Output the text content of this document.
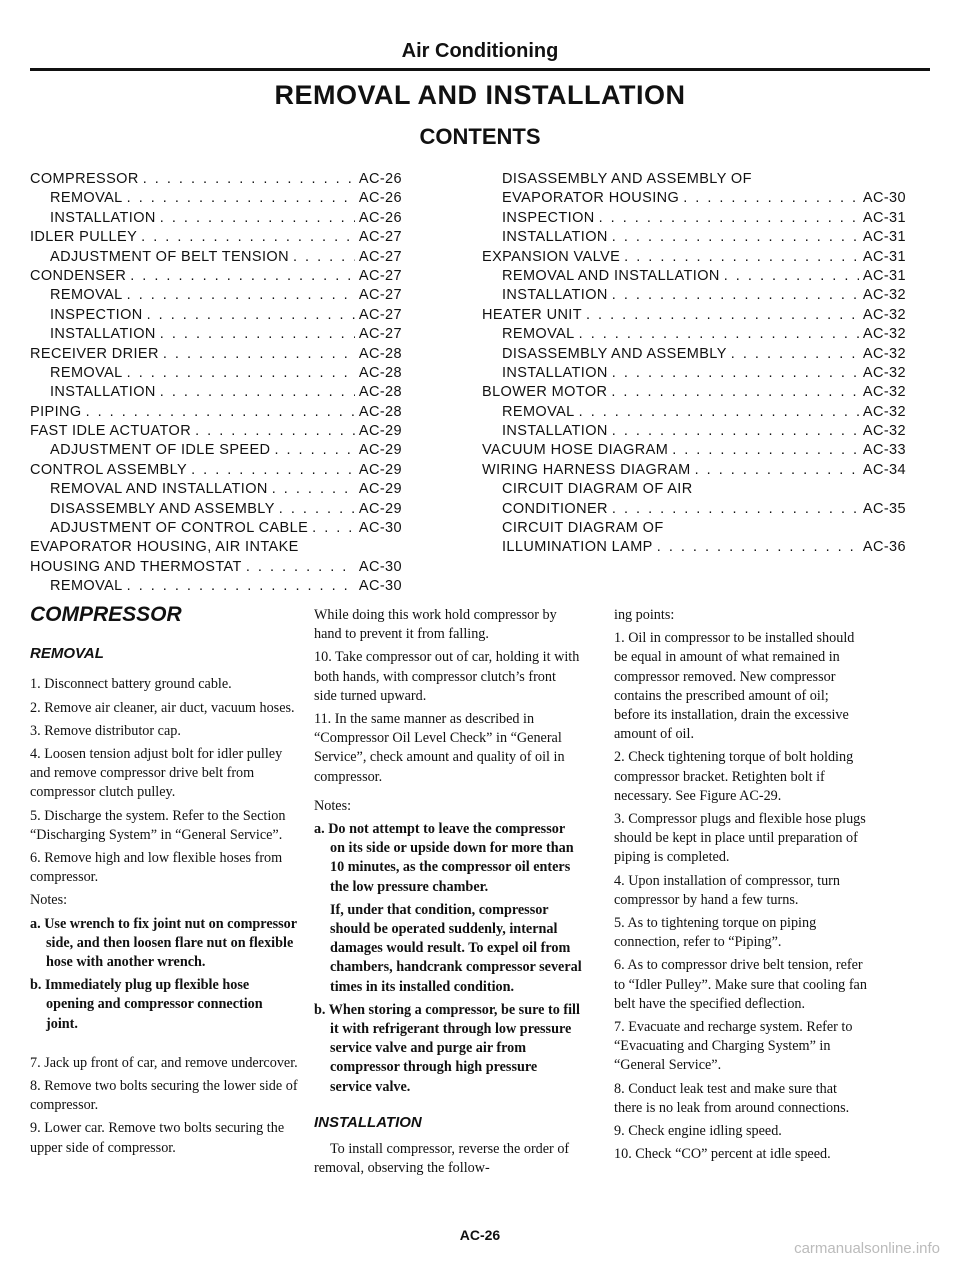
Air Conditioning
REMOVAL AND INSTALLATION
CONTENTS
COMPRESSOR . . .	AC-26
REMOVAL . . .	AC-26
INSTALLATION . . .	AC-26
IDLER PULLEY . . .	AC-27
ADJUSTMENT OF BELT TENSION . . .	AC-27
CONDENSER . . .	AC-27
REMOVAL . . .	AC-27
INSPECTION . . .	AC-27
INSTALLATION . . .	AC-27
RECEIVER DRIER . . .	AC-28
REMOVAL . . .	AC-28
INSTALLATION . . .	AC-28
PIPING . . .	AC-28
FAST IDLE ACTUATOR . . .	AC-29
ADJUSTMENT OF IDLE SPEED . . .	AC-29
CONTROL ASSEMBLY . . .	AC-29
REMOVAL AND INSTALLATION . . .	AC-29
DISASSEMBLY AND ASSEMBLY . . .	AC-29
ADJUSTMENT OF CONTROL CABLE . . .	AC-30
EVAPORATOR HOUSING, AIR INTAKE
HOUSING AND THERMOSTAT . . .	AC-30
REMOVAL . . .	AC-30
DISASSEMBLY AND ASSEMBLY OF
EVAPORATOR HOUSING . . .	AC-30
INSPECTION . . .	AC-31
INSTALLATION . . .	AC-31
EXPANSION VALVE . . .	AC-31
REMOVAL AND INSTALLATION . . .	AC-31
INSTALLATION . . .	AC-32
HEATER UNIT . . .	AC-32
REMOVAL . . .	AC-32
DISASSEMBLY AND ASSEMBLY . . .	AC-32
INSTALLATION . . .	AC-32
BLOWER MOTOR . . .	AC-32
REMOVAL . . .	AC-32
INSTALLATION . . .	AC-32
VACUUM HOSE DIAGRAM . . .	AC-33
WIRING HARNESS DIAGRAM . . .	AC-34
CIRCUIT DIAGRAM OF AIR
CONDITIONER . . .	AC-35
CIRCUIT DIAGRAM OF
ILLUMINATION LAMP . . .	AC-36
COMPRESSOR
REMOVAL

1. Disconnect battery ground cable.

2. Remove air cleaner, air duct, vacuum hoses.

3. Remove distributor cap.

4. Loosen tension adjust bolt for idler pulley and remove compressor drive belt from compressor clutch pulley.

5. Discharge the system. Refer to the Section “Discharging System” in “General Service”.

6. Remove high and low flexible hoses from compressor.

Notes:

a. Use wrench to fix joint nut on compressor side, and then loosen flare nut on flexible hose with another wrench.

b. Immediately plug up flexible hose opening and compressor connection joint.

7. Jack up front of car, and remove undercover.

8. Remove two bolts securing the lower side of compressor.

9. Lower car. Remove two bolts securing the upper side of compressor.

While doing this work hold compressor by hand to prevent it from falling.

10. Take compressor out of car, holding it with both hands, with compressor clutch’s front side turned upward.

11. In the same manner as described in “Compressor Oil Level Check” in “General Service”, check amount and quality of oil in compressor.

Notes:

a. Do not attempt to leave the compressor on its side or upside down for more than 10 minutes, as the compressor oil enters the low pressure chamber.

If, under that condition, compressor should be operated suddenly, internal damages would result. To expel oil from chambers, handcrank compressor several times in its installed condition.

b. When storing a compressor, be sure to fill it with refrigerant through low pressure service valve and purge air from compressor through high pressure service valve.

INSTALLATION

To install compressor, reverse the order of removal, observing the follow-

ing points:

1. Oil in compressor to be installed should be equal in amount of what remained in compressor removed. New compressor contains the prescribed amount of oil; before its installation, drain the excessive amount of oil.

2. Check tightening torque of bolt holding compressor bracket. Retighten bolt if necessary. See Figure AC-29.

3. Compressor plugs and flexible hose plugs should be kept in place until preparation of piping is completed.

4. Upon installation of compressor, turn compressor by hand a few turns.

5. As to tightening torque on piping connection, refer to “Piping”.

6. As to compressor drive belt tension, refer to “Idler Pulley”. Make sure that cooling fan belt have the specified deflection.

7. Evacuate and recharge system. Refer to “Evacuating and Charging System” in “General Service”.

8. Conduct leak test and make sure that there is no leak from around connections.

9. Check engine idling speed.

10. Check “CO” percent at idle speed.

AC-26
carmanualsonline.info
